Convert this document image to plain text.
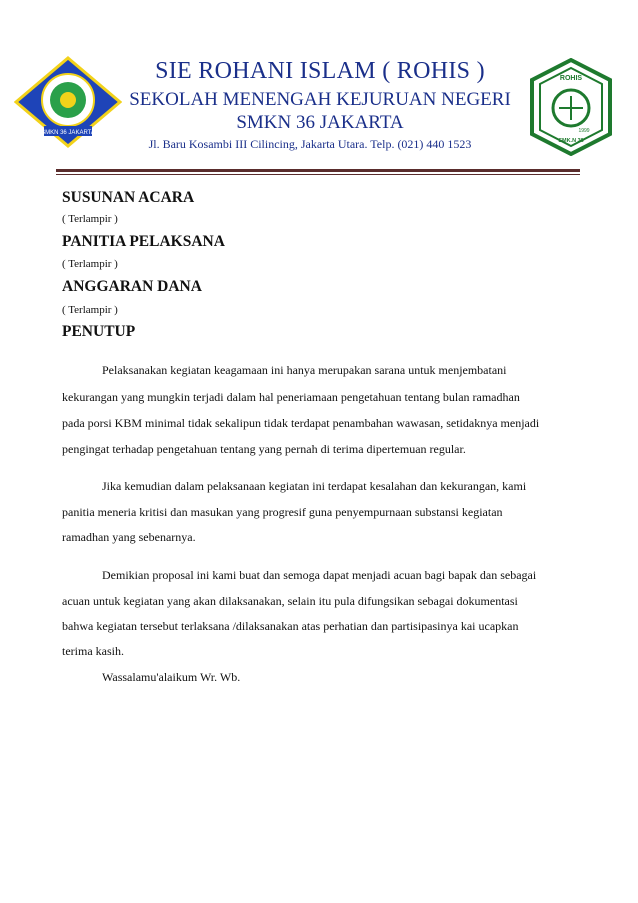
SMKN 36 JAKARTA
ROHIS
1999
SMK.N 36
SIE ROHANI ISLAM ( ROHIS )
SEKOLAH MENENGAH KEJURUAN NEGERI
SMKN 36 JAKARTA
Jl. Baru Kosambi III Cilincing, Jakarta Utara. Telp. (021) 440 1523
SUSUNAN ACARA
( Terlampir )
PANITIA PELAKSANA
( Terlampir )
ANGGARAN DANA
( Terlampir )
PENUTUP
Pelaksanakan kegiatan keagamaan ini hanya merupakan sarana untuk menjembatani
kekurangan yang mungkin terjadi dalam hal peneriamaan pengetahuan tentang bulan ramadhan
pada porsi KBM minimal tidak sekalipun tidak terdapat penambahan wawasan, setidaknya menjadi
pengingat terhadap pengetahuan tentang yang pernah di terima dipertemuan regular.
Jika kemudian dalam pelaksanaan kegiatan ini terdapat kesalahan dan kekurangan, kami
panitia meneria kritisi dan masukan yang progresif guna penyempurnaan substansi kegiatan
ramadhan yang sebenarnya.
Demikian proposal ini kami buat dan semoga dapat menjadi acuan bagi bapak dan sebagai
acuan untuk kegiatan yang akan dilaksanakan, selain itu pula difungsikan sebagai dokumentasi
bahwa kegiatan tersebut terlaksana /dilaksanakan atas perhatian dan partisipasinya kai ucapkan
terima kasih.
Wassalamu'alaikum Wr. Wb.
